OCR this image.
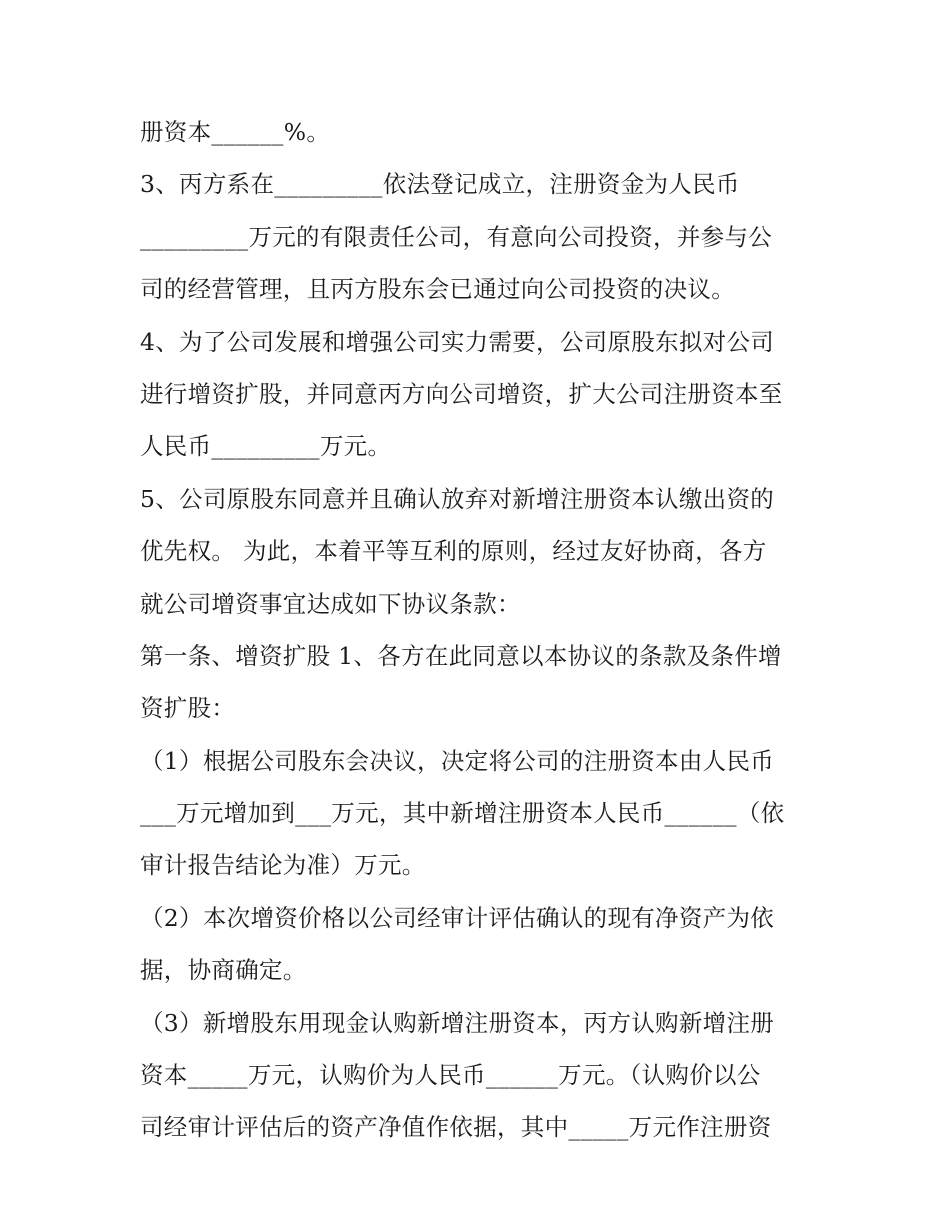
册资本______%。
3、丙方系在_________依法登记成立，注册资金为人民币
_________万元的有限责任公司，有意向公司投资，并参与公
司的经营管理，且丙方股东会已通过向公司投资的决议。
4、为了公司发展和增强公司实力需要，公司原股东拟对公司
进行增资扩股，并同意丙方向公司增资，扩大公司注册资本至
人民币_________万元。
5、公司原股东同意并且确认放弃对新增注册资本认缴出资的
优先权。 为此，本着平等互利的原则，经过友好协商，各方
就公司增资事宜达成如下协议条款：
第一条、增资扩股 1、各方在此同意以本协议的条款及条件增
资扩股：
（1）根据公司股东会决议，决定将公司的注册资本由人民币
___万元增加到___万元，其中新增注册资本人民币______（依
审计报告结论为准）万元。
（2）本次增资价格以公司经审计评估确认的现有净资产为依
据，协商确定。
（3）新增股东用现金认购新增注册资本，丙方认购新增注册
资本_____万元，认购价为人民币______万元。（认购价以公
司经审计评估后的资产净值作依据，其中_____万元作注册资
